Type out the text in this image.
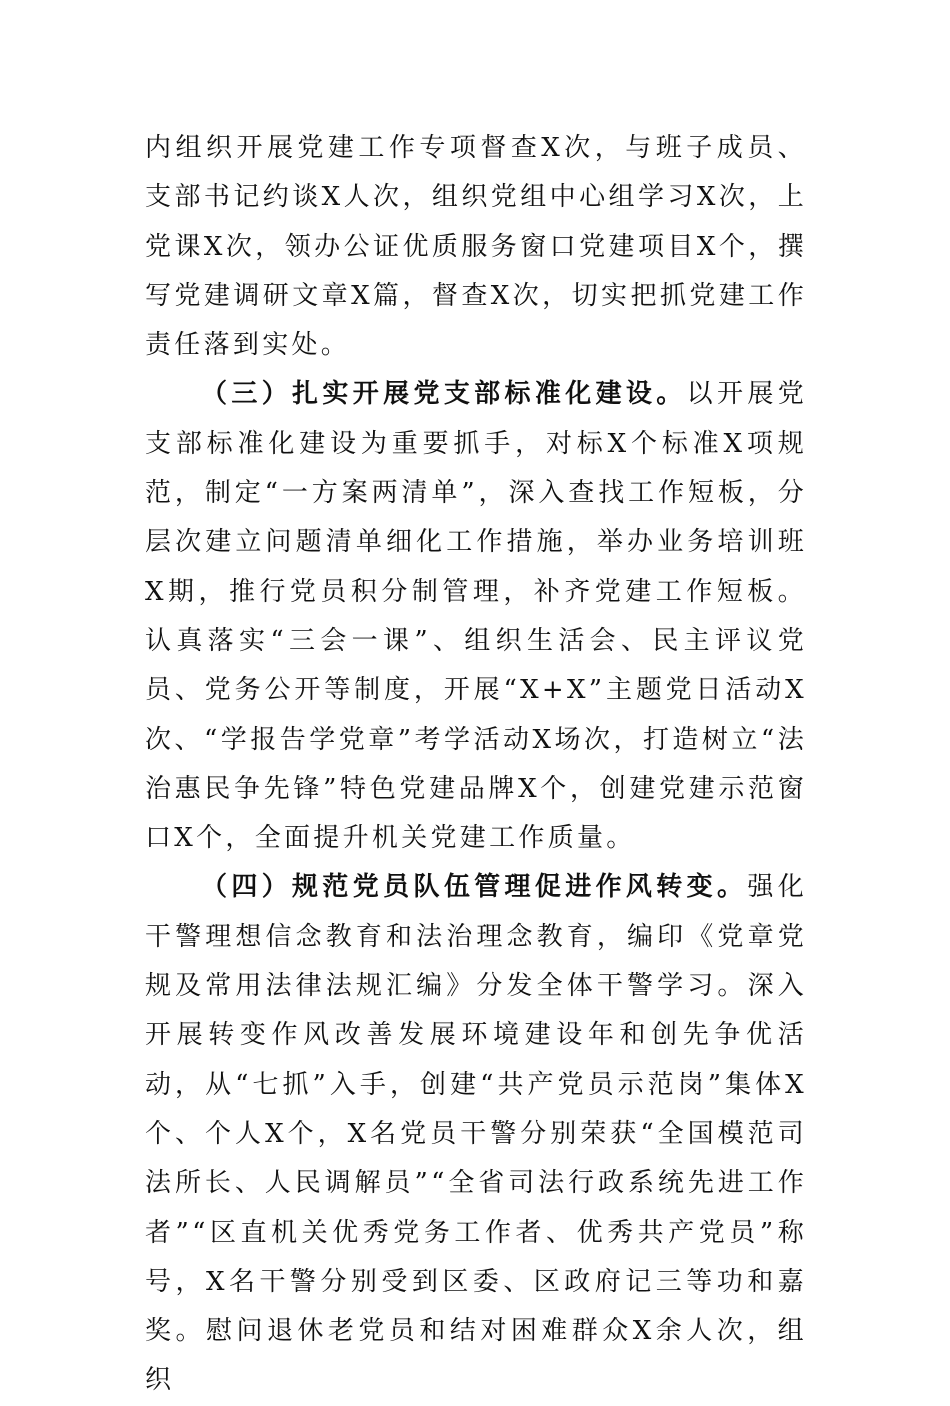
内组织开展党建工作专项督查X次，与班子成员、支部书记约谈X人次，组织党组中心组学习X次，上党课X次，领办公证优质服务窗口党建项目X个，撰写党建调研文章X篇，督查X次，切实把抓党建工作责任落到实处。

（三）扎实开展党支部标准化建设。以开展党支部标准化建设为重要抓手，对标X个标准X项规范，制定“一方案两清单”，深入查找工作短板，分层次建立问题清单细化工作措施，举办业务培训班X期，推行党员积分制管理，补齐党建工作短板。认真落实“三会一课”、组织生活会、民主评议党员、党务公开等制度，开展“X+X”主题党日活动X次、“学报告学党章”考学活动X场次，打造树立“法治惠民争先锋”特色党建品牌X个，创建党建示范窗口X个，全面提升机关党建工作质量。

（四）规范党员队伍管理促进作风转变。强化干警理想信念教育和法治理念教育，编印《党章党规及常用法律法规汇编》分发全体干警学习。深入开展转变作风改善发展环境建设年和创先争优活动，从“七抓”入手，创建“共产党员示范岗”集体X个、个人X个，X名党员干警分别荣获“全国模范司法所长、人民调解员”“全省司法行政系统先进工作者”“区直机关优秀党务工作者、优秀共产党员”称号，X名干警分别受到区委、区政府记三等功和嘉奖。慰问退休老党员和结对困难群众X余人次，组织
